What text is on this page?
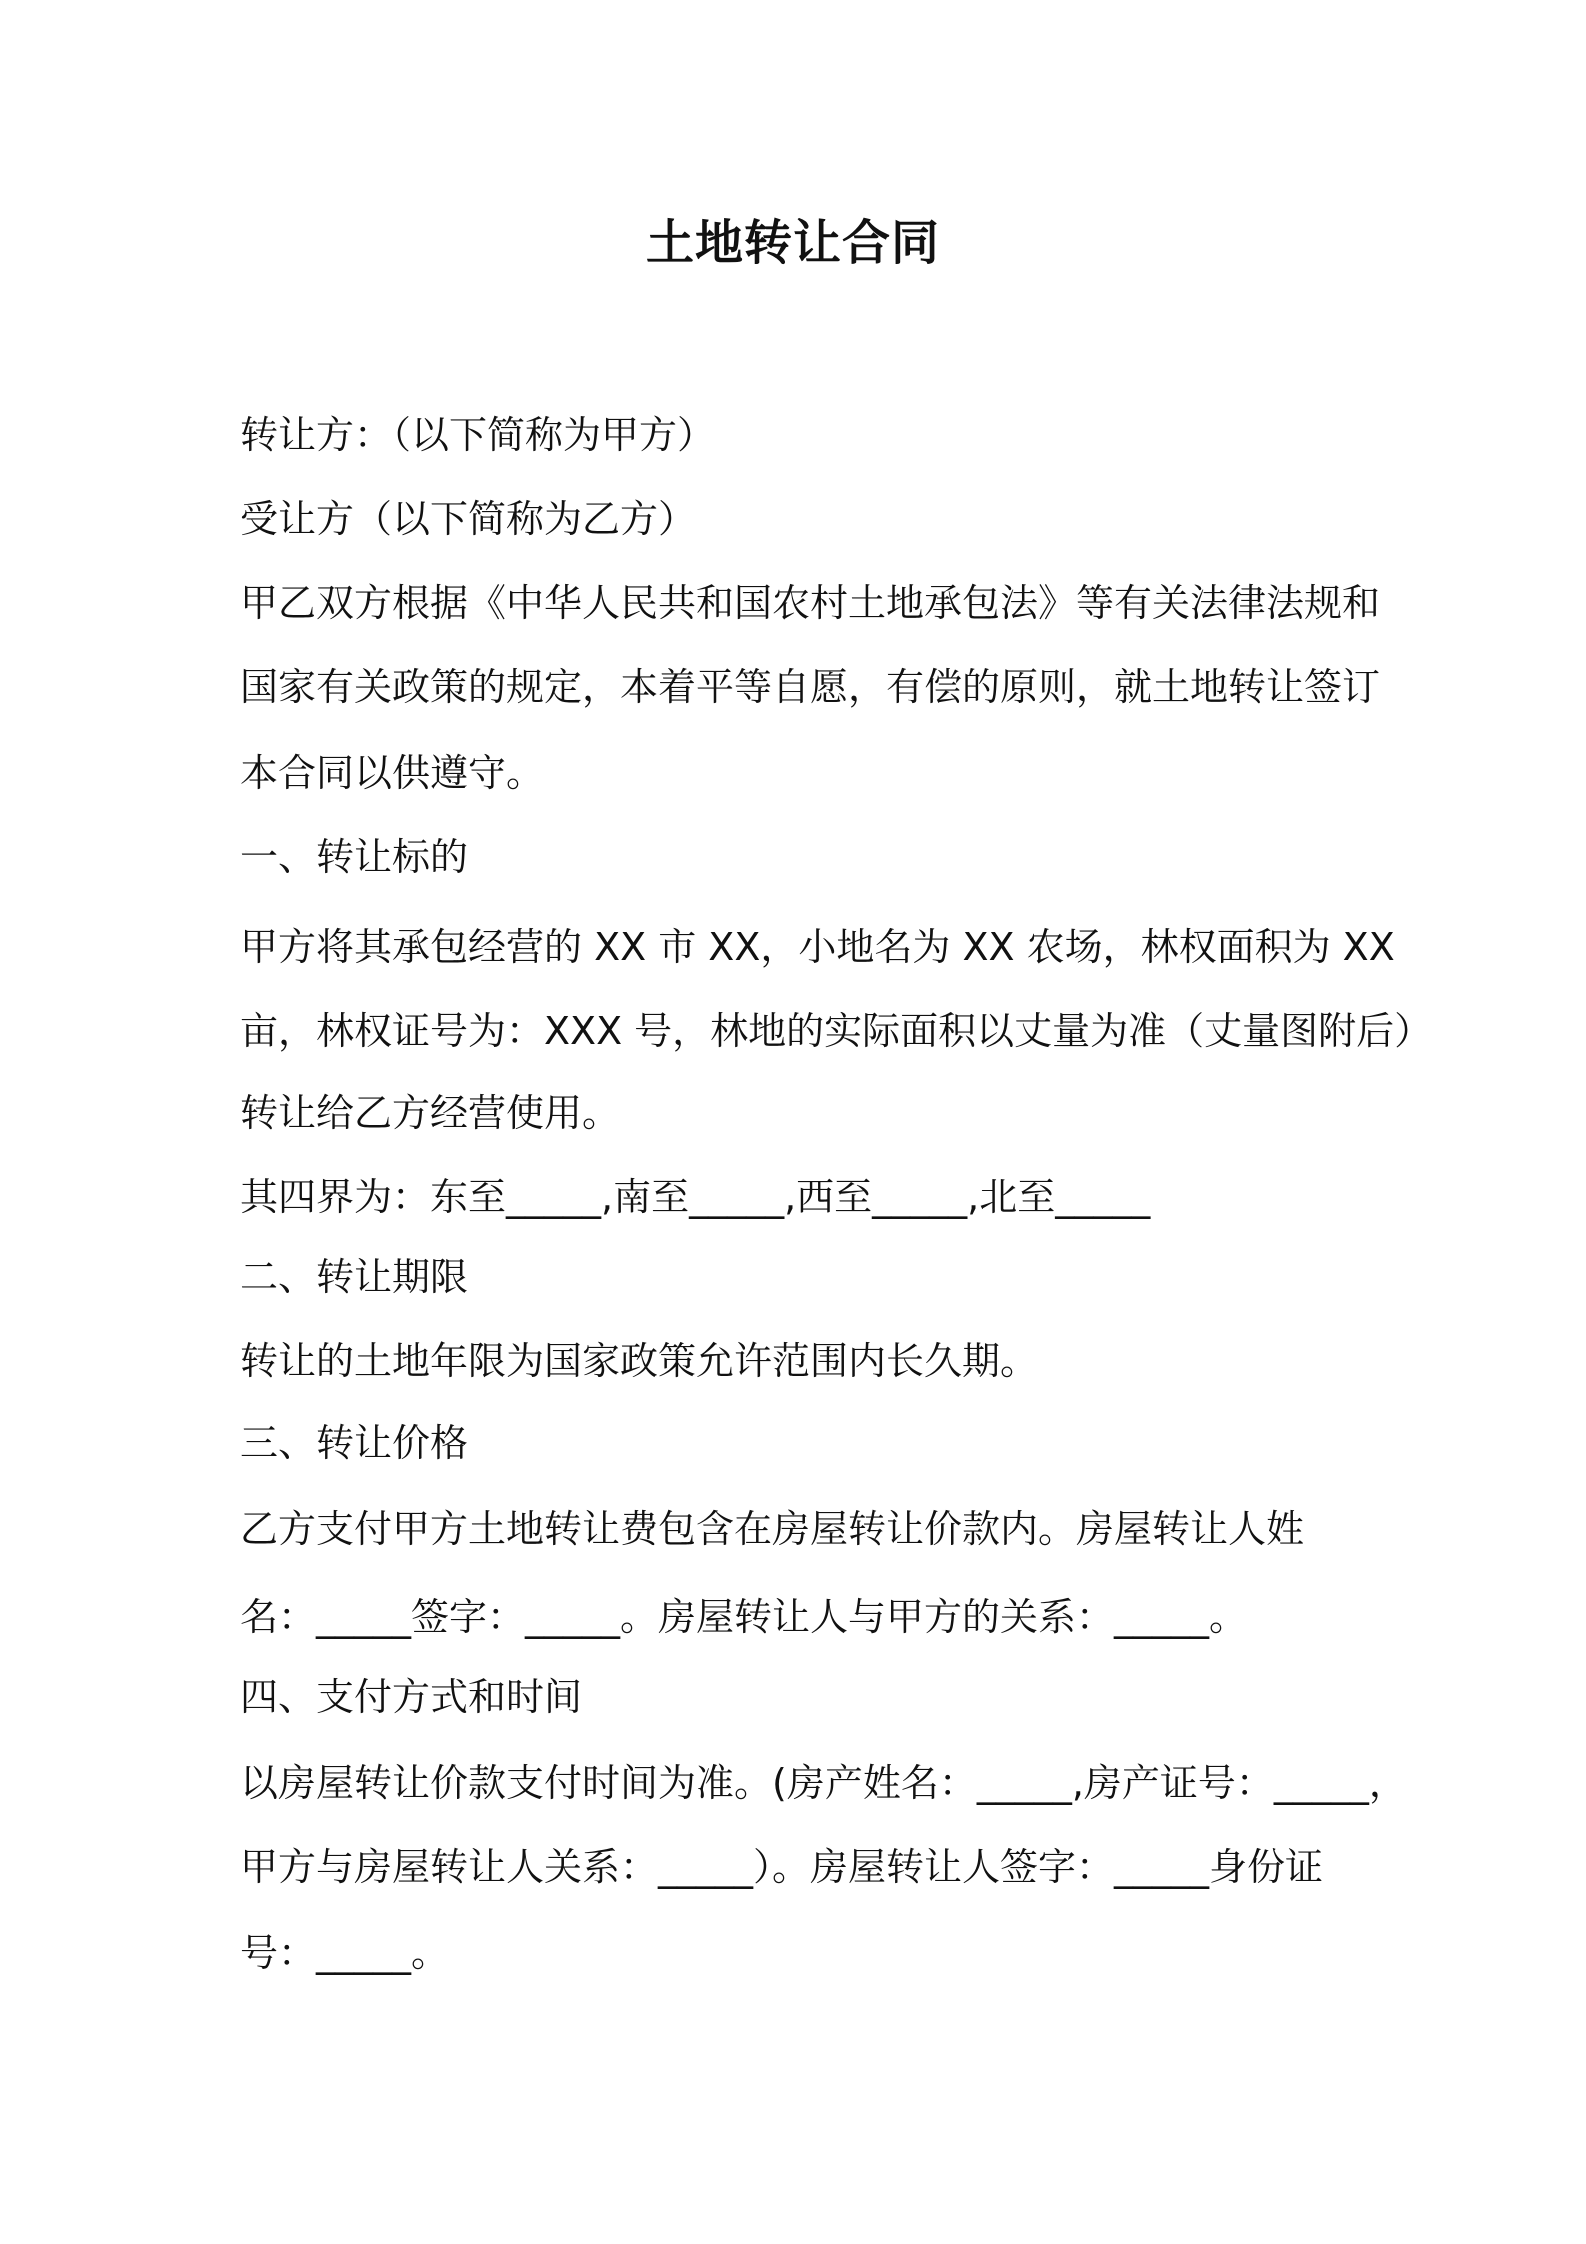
土地转让合同
转让方：（以下简称为甲方）
受让方（以下简称为乙方）
甲乙双方根据《中华人民共和国农村土地承包法》等有关法律法规和
国家有关政策的规定，本着平等自愿，有偿的原则，就土地转让签订
本合同以供遵守。
一、转让标的
甲方将其承包经营的 XX 市 XX，小地名为 XX 农场，林权面积为 XX
亩，林权证号为：XXX 号，林地的实际面积以丈量为准（丈量图附后）
转让给乙方经营使用。
其四界为：东至_____,南至_____,西至_____,北至_____
二、转让期限
转让的土地年限为国家政策允许范围内长久期。
三、转让价格
乙方支付甲方土地转让费包含在房屋转让价款内。房屋转让人姓
名：_____签字：_____。房屋转让人与甲方的关系：_____。
四、支付方式和时间
以房屋转让价款支付时间为准。(房产姓名：_____,房产证号：_____，
甲方与房屋转让人关系：_____）。房屋转让人签字：_____身份证
号：_____。
